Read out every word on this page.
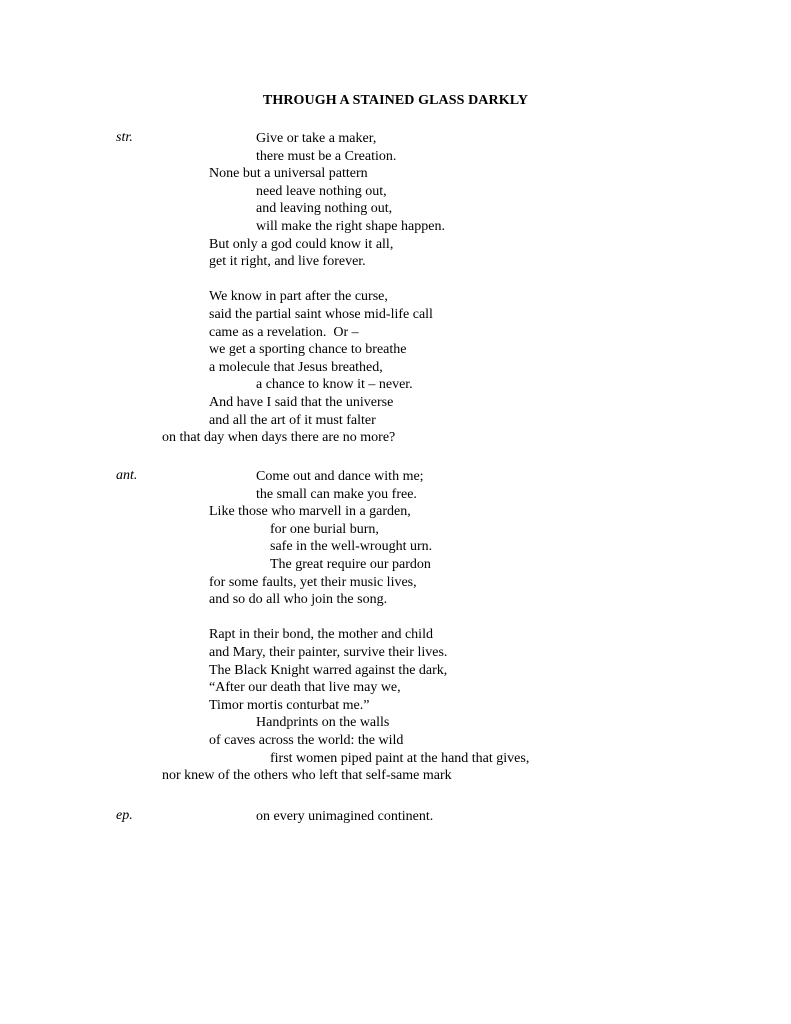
THROUGH A STAINED GLASS DARKLY
str.	Give or take a maker,
there must be a Creation.
None but a universal pattern
need leave nothing out,
and leaving nothing out,
will make the right shape happen.
But only a god could know it all,
get it right, and live forever.
We know in part after the curse,
said the partial saint whose mid-life call
came as a revelation.  Or –
we get a sporting chance to breathe
a molecule that Jesus breathed,
a chance to know it – never.
And have I said that the universe
and all the art of it must falter
on that day when days there are no more?
ant.	Come out and dance with me;
the small can make you free.
Like those who marvell in a garden,
for one burial burn,
safe in the well-wrought urn.
The great require our pardon
for some faults, yet their music lives,
and so do all who join the song.
Rapt in their bond, the mother and child
and Mary, their painter, survive their lives.
The Black Knight warred against the dark,
“After our death that live may we,
Timor mortis conturbat me.”
Handprints on the walls
of caves across the world: the wild
first women piped paint at the hand that gives,
nor knew of the others who left that self-same mark
ep.	on every unimagined continent.
